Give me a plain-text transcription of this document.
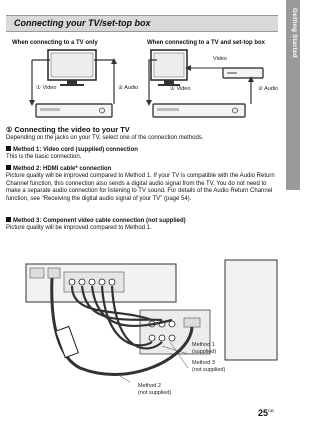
Getting Started
Connecting your TV/set-top box
When connecting to a TV only	When connecting to a TV and set-top box
① Video	② Audio
Video
① Video	② Audio
① Connecting the video to your TV
Depending on the jacks on your TV, select one of the connection methods.
Method 1: Video cord (supplied) connection
This is the basic connection.
Method 2: HDMI cable* connection
Picture quality will be improved compared to Method 1. If your TV is compatible with the Audio Return Channel function, this connection also sends a digital audio signal from the TV. You do not need to make a separate audio connection for listening to TV sound. For details of the Audio Return Channel function, see “Receiving the digital audio signal of your TV” (page 54).
Method 3: Component video cable connection (not supplied)
Picture quality will be improved compared to Method 1.
Method 1
(supplied)
Method 3
(not supplied)
Method 2
(not supplied)
$25^{GB}$
